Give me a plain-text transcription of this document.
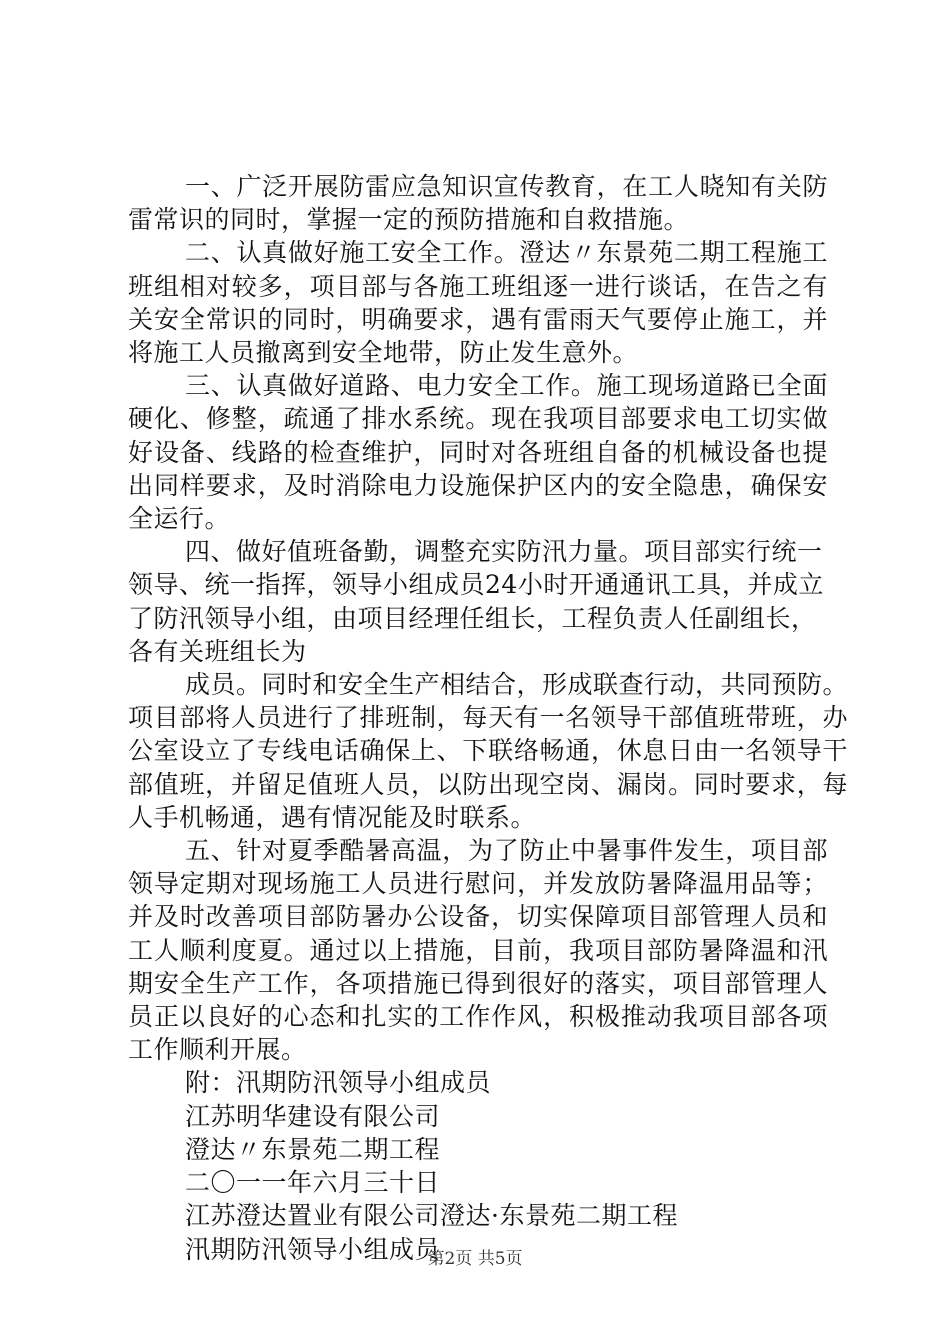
一、广泛开展防雷应急知识宣传教育，在工人晓知有关防雷常识的同时，掌握一定的预防措施和自救措施。

二、认真做好施工安全工作。澄达〃东景苑二期工程施工班组相对较多，项目部与各施工班组逐一进行谈话，在告之有关安全常识的同时，明确要求，遇有雷雨天气要停止施工，并将施工人员撤离到安全地带，防止发生意外。

三、认真做好道路、电力安全工作。施工现场道路已全面硬化、修整，疏通了排水系统。现在我项目部要求电工切实做好设备、线路的检查维护，同时对各班组自备的机械设备也提出同样要求，及时消除电力设施保护区内的安全隐患，确保安全运行。

四、做好值班备勤，调整充实防汛力量。项目部实行统一领导、统一指挥，领导小组成员24小时开通通讯工具，并成立了防汛领导小组，由项目经理任组长，工程负责人任副组长，各有关班组长为

成员。同时和安全生产相结合，形成联查行动，共同预防。项目部将人员进行了排班制，每天有一名领导干部值班带班，办公室设立了专线电话确保上、下联络畅通，休息日由一名领导干部值班，并留足值班人员，以防出现空岗、漏岗。同时要求，每人手机畅通，遇有情况能及时联系。

五、针对夏季酷暑高温，为了防止中暑事件发生，项目部领导定期对现场施工人员进行慰问，并发放防暑降温用品等；并及时改善项目部防暑办公设备，切实保障项目部管理人员和工人顺利度夏。通过以上措施，目前，我项目部防暑降温和汛期安全生产工作，各项措施已得到很好的落实，项目部管理人员正以良好的心态和扎实的工作作风，积极推动我项目部各项工作顺利开展。

附：汛期防汛领导小组成员

江苏明华建设有限公司

澄达〃东景苑二期工程

二〇一一年六月三十日

江苏澄达置业有限公司澄达·东景苑二期工程

汛期防汛领导小组成员

第2页 共5页
